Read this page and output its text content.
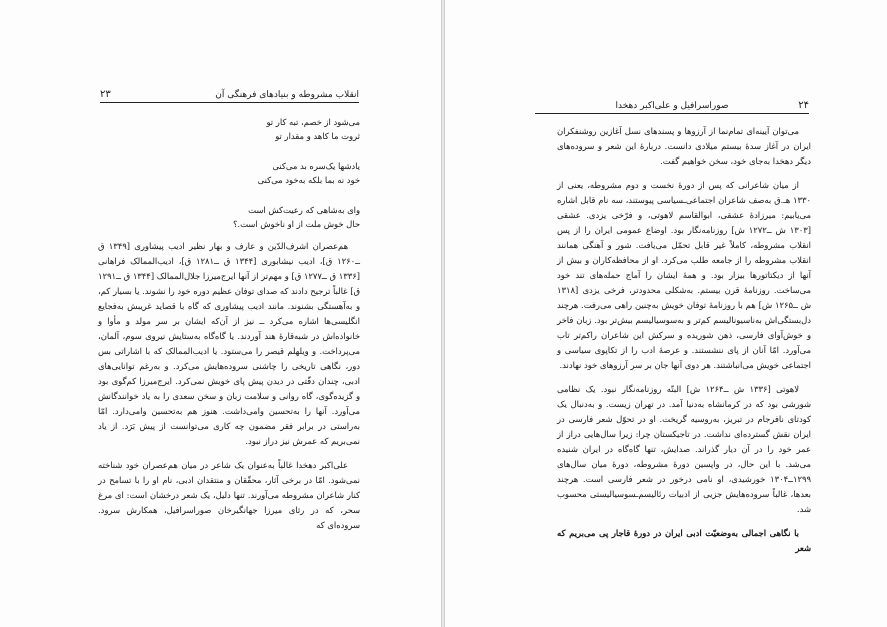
انقلاب مشروطه و بنیادهای فرهنگی آن
۲۳
می‌شود از خصم، تبه کار تو
ثروت ما کاهد و مقدار تو
یادشها یک‌سره بد می‌کنی
خود نه بما بلکه به‌خود می‌کنی
وای به‌شاهی که رعیت‌کش است
حال خوش ملت از او ناخوش است.؟

هم‌عصران اشرف‌الدّین و عارف و بهار نظیر ادیب پیشاوری [۱۳۴۹ ق ــ۱۲۶۰ ق]، ادیب نیشابوری [۱۳۴۴ ق ــ۱۲۸۱ ق]، ادیب‌الممالک فراهانی [۱۳۳۶ ق ــ۱۲۷۷ ق] و مهم‌تر از آنها ایرج‌میرزا جلال‌الممالک [۱۳۴۴ ق ــ۱۲۹۱ ق] غالباً ترجیح دادند که صدای توفان عظیم دوره خود را نشوند. یا بسیار کم، و به‌آهستگی بشنوند. مانند ادیب پیشاوری که گاه با قصاید غریبش به‌فجایع انگلیسی‌ها اشاره می‌کرد ــ نیز از آن‌که ایشان بر سر مولد و مأوا و خانواده‌اش در شبه‌قارهٔ هند آوردند. یا گاه‌گاه به‌ستایش نیروی سوم، آلمان، می‌پرداخت. و ویلهلم قیصر را می‌ستود. یا ادیب‌الممالک که با اشاراتی بس دور، نگاهی تاریخی را چاشنی سروده‌هایش می‌کرد. و به‌رغم توانایی‌های ادبی، چندان دقّتی در دیدن پیش پای خویش نمی‌کرد. ایرج‌میرزا کم‌گوی بود و گزیده‌گوی، گاه روانی و سلامت زبان و سخن سعدی را به یاد خوانندگانش می‌آورد. آنها را به‌تحسین وا‌می‌داشت. هنوز هم به‌تحسین وامی‌دارد. امّا به‌راستی در برابر فقر مضمون چه کاری می‌توانست از پیش بَرَد. از یاد نمی‌بریم که عمرش نیز دراز نبود.

علی‌اکبر دهخدا غالباً به‌عنوان یک شاعر در میان هم‌عصران خود شناخته نمی‌شود. امّا در برخی آثار، محقّقان و منتقدان ادبی، نام او را با تسامح در کنار شاعران مشروطه می‌آورند. تنها دلیل، یک شعر درخشان است: ای مرغ سحر، که در رثای میرزا جهانگیرخان صوراسرافیل، همکارش سرود. سروده‌ای که

صوراسرافیل و علی‌اکبر دهخدا	۲۴

می‌توان آیینه‌ای تمام‌نما از آرزوها و پسندهای نسل آغازین روشنفکران ایران در آغاز سدهٔ بیستم میلادی دانست. دربارهٔ این شعر و سروده‌های دیگر دهخدا به‌جای خود، سخن خواهیم گفت.

از میان شاعرانی که پس از دورهٔ نخست و دوم مشروطه، یعنی از ۱۳۳۰ هـ.ق به‌صف شاعران اجتماعی‌ـسیاسی پیوستند، سه نام قابل اشاره می‌یابیم: میرزادهٔ عشقی، ابوالقاسم لاهوتی، و فرّخی یزدی. عشقی [۱۳۰۳ ش ــ۱۲۷۲ ش] روزنامه‌نگار بود. اوضاع عمومی ایران را از پس انقلاب مشروطه، کاملاً غیر قابل تحمّل می‌یافت. شور و آهنگی همانند انقلاب مشروطه را از جامعه طلب می‌کرد. او از محافظه‌کاران و بیش از آنها از دیکتاتورها بیزار بود. و همهٔ ایشان را آماج حمله‌های تند خود می‌ساخت. روزنامهٔ قرن بیستم. به‌شکلی محدودتر، فرخی یزدی [۱۳۱۸ ش ــ۱۲۶۵ ش] هم با روزنامهٔ توفان خویش به‌چنین راهی می‌رفت. هرچند دل‌بستگی‌اش به‌ناسیونالیسم کم‌تر و به‌سوسیالیسم بیش‌تر بود. زبان فاخر و خوش‌آوای فارسی، ذهن شوریده و سرکش این شاعران راکم‌تر تاب می‌آورد. امّا آنان از پای ننشستند. و عرصهٔ ادب را از تکاپوی سیاسی و اجتماعی خویش می‌انباشتند. هر دوی آنها جان بر سر آرزوهای خود نهادند.

لاهوتی [۱۳۳۶ ش ــ۱۲۶۴ ش] البتّه روزنامه‌نگار نبود. یک نظامی شورشی بود که در کرمانشاه به‌دنیا آمد. در تهران زیست. و به‌دنبال یک کودتای نافرجام در تبریز، به‌روسیه گریخت. او در تحوّل شعر فارسی در ایران نقش گسترده‌ای نداشت. در تاجیکستان چرا: زیرا سال‌هایی دراز از عمر خود را در آن دیار گذراند. صدایش، تنها گاه‌گاه در ایران شنیده می‌شد. با این حال، در واپسین دورهٔ مشروطه، دورهٔ میان سال‌های ۱۲۹۹ــ۱۳۰۴ خورشیدی، او نامی درخور در شعر فارسی است. هرچند بعدها، غالباً سروده‌هایش جزیی از ادبیات رئالیسم‌ـسوسیالیستی محسوب شد.

با نگاهی اجمالی به‌وضعیّت ادبی ایران در دورهٔ قاجار پی می‌بریم که شعر
